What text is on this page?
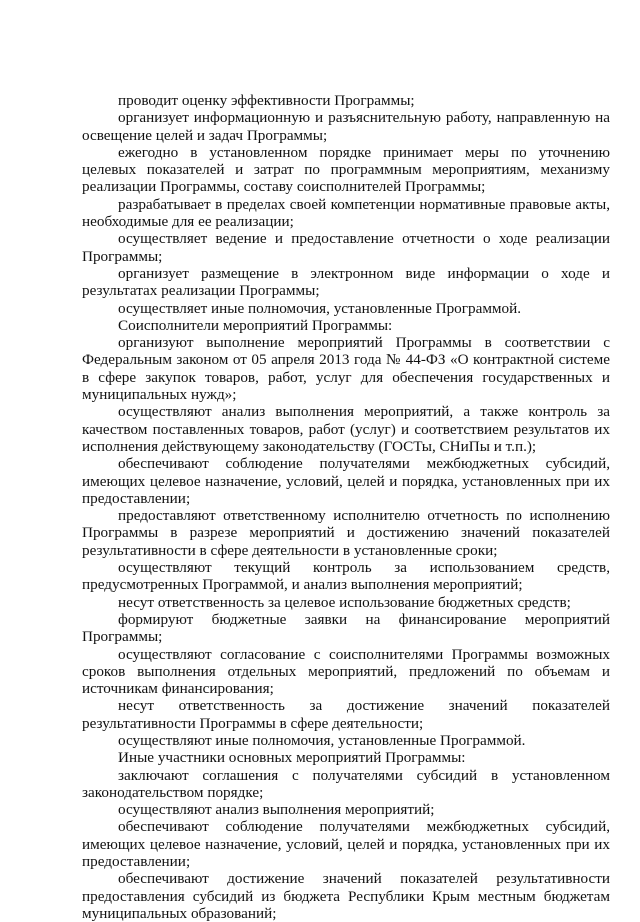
проводит оценку эффективности Программы;

организует информационную и разъяснительную работу, направленную на освещение целей и задач Программы;

ежегодно в установленном порядке принимает меры по уточнению целевых показателей и затрат по программным мероприятиям, механизму реализации Программы, составу соисполнителей Программы;

разрабатывает в пределах своей компетенции нормативные правовые акты, необходимые для ее реализации;

осуществляет ведение и предоставление отчетности о ходе реализации Программы;

организует размещение в электронном виде информации о ходе и результатах реализации Программы;

осуществляет иные полномочия, установленные Программой.

Соисполнители мероприятий Программы:

организуют выполнение мероприятий Программы в соответствии с Федеральным законом от 05 апреля 2013 года № 44-ФЗ «О контрактной системе в сфере закупок товаров, работ, услуг для обеспечения государственных и муниципальных нужд»;

осуществляют анализ выполнения мероприятий, а также контроль за качеством поставленных товаров, работ (услуг) и соответствием результатов их исполнения действующему законодательству (ГОСТы, СНиПы и т.п.);

обеспечивают соблюдение получателями межбюджетных субсидий, имеющих целевое назначение, условий, целей и порядка, установленных при их предоставлении;

предоставляют ответственному исполнителю отчетность по исполнению Программы в разрезе мероприятий и достижению значений показателей результативности в сфере деятельности в установленные сроки;

осуществляют текущий контроль за использованием средств, предусмотренных Программой, и анализ выполнения мероприятий;

несут ответственность за целевое использование бюджетных средств;

формируют бюджетные заявки на финансирование мероприятий Программы;

осуществляют согласование с соисполнителями Программы возможных сроков выполнения отдельных мероприятий, предложений по объемам и источникам финансирования;

несут ответственность за достижение значений показателей результативности Программы в сфере деятельности;

осуществляют иные полномочия, установленные Программой.

Иные участники основных мероприятий Программы:

заключают соглашения с получателями субсидий в установленном законодательством порядке;

осуществляют анализ выполнения мероприятий;

обеспечивают соблюдение получателями межбюджетных субсидий, имеющих целевое назначение, условий, целей и порядка, установленных при их предоставлении;

обеспечивают достижение значений показателей результативности предоставления субсидий из бюджета Республики Крым местным бюджетам муниципальных образований;
